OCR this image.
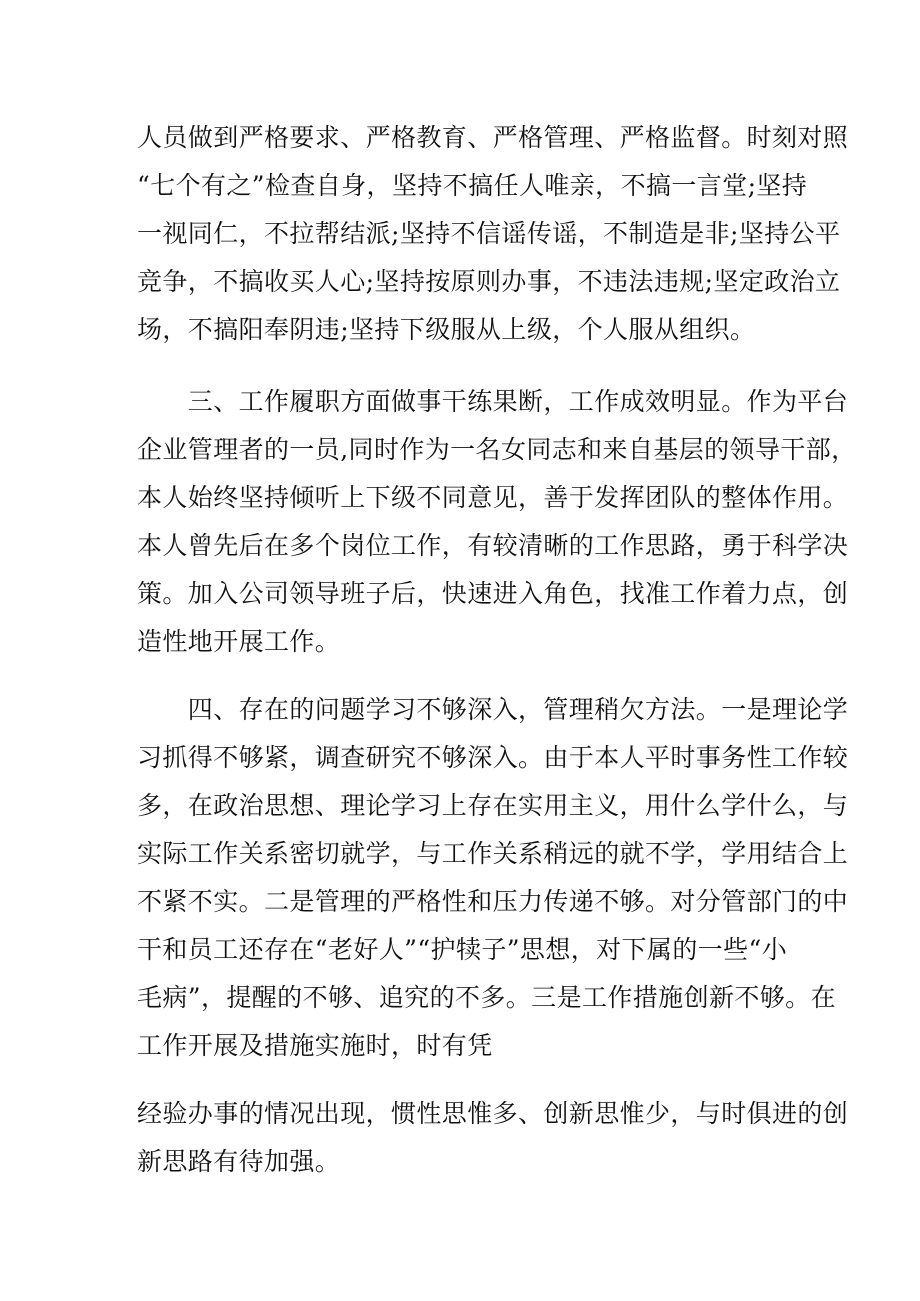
人员做到严格要求、严格教育、严格管理、严格监督。时刻对照
“七个有之”检查自身，坚持不搞任人唯亲，不搞一言堂;坚持
一视同仁，不拉帮结派;坚持不信谣传谣，不制造是非;坚持公平
竞争，不搞收买人心;坚持按原则办事，不违法违规;坚定政治立
场，不搞阳奉阴违;坚持下级服从上级，个人服从组织。
　　三、工作履职方面做事干练果断，工作成效明显。作为平台
企业管理者的一员,同时作为一名女同志和来自基层的领导干部，
本人始终坚持倾听上下级不同意见，善于发挥团队的整体作用。
本人曾先后在多个岗位工作，有较清晰的工作思路，勇于科学决
策。加入公司领导班子后，快速进入角色，找准工作着力点，创
造性地开展工作。
　　四、存在的问题学习不够深入，管理稍欠方法。一是理论学
习抓得不够紧，调查研究不够深入。由于本人平时事务性工作较
多，在政治思想、理论学习上存在实用主义，用什么学什么，与
实际工作关系密切就学，与工作关系稍远的就不学，学用结合上
不紧不实。二是管理的严格性和压力传递不够。对分管部门的中
干和员工还存在“老好人”“护犊子”思想，对下属的一些“小
毛病”，提醒的不够、追究的不多。三是工作措施创新不够。在
工作开展及措施实施时，时有凭
经验办事的情况出现，惯性思惟多、创新思惟少，与时俱进的创
新思路有待加强。
